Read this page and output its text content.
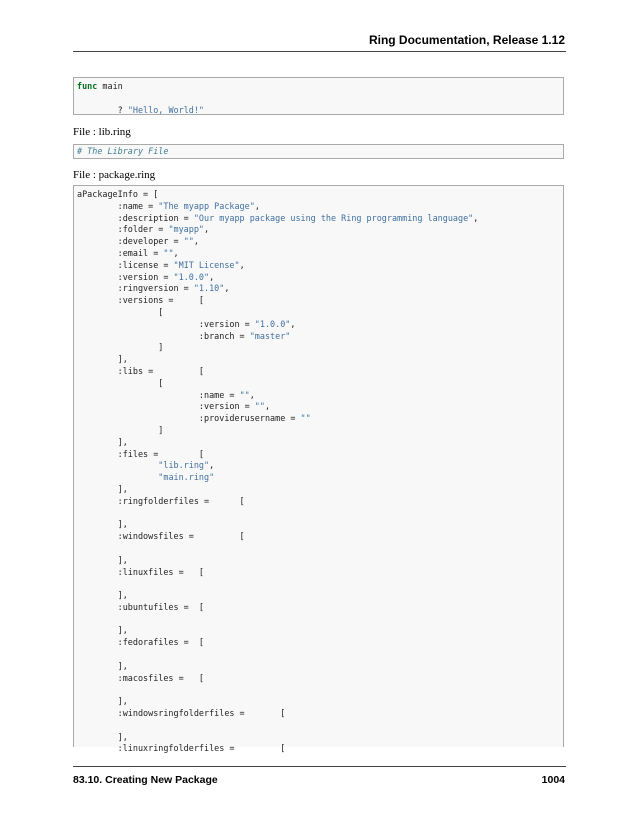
Ring Documentation, Release 1.12
func main
? "Hello, World!"
File : lib.ring
# The Library File
File : package.ring
aPackageInfo = [
:name = "The myapp Package",
:description = "Our myapp package using the Ring programming language",
:folder = "myapp",
:developer = "",
:email = "",
:license = "MIT License",
:version = "1.0.0",
:ringversion = "1.10",
:versions =     [
[
:version = "1.0.0",
:branch = "master"
]
],
:libs =         [
[
:name = "",
:version = "",
:providerusername = ""
]
],
:files =        [
"lib.ring",
"main.ring"
],
:ringfolderfiles =      [
],
:windowsfiles =         [
],
:linuxfiles =   [
],
:ubuntufiles =  [
],
:fedorafiles =  [
],
:macosfiles =   [
],
:windowsringfolderfiles =       [
],
:linuxringfolderfiles =         [
83.10. Creating New Package	1004
